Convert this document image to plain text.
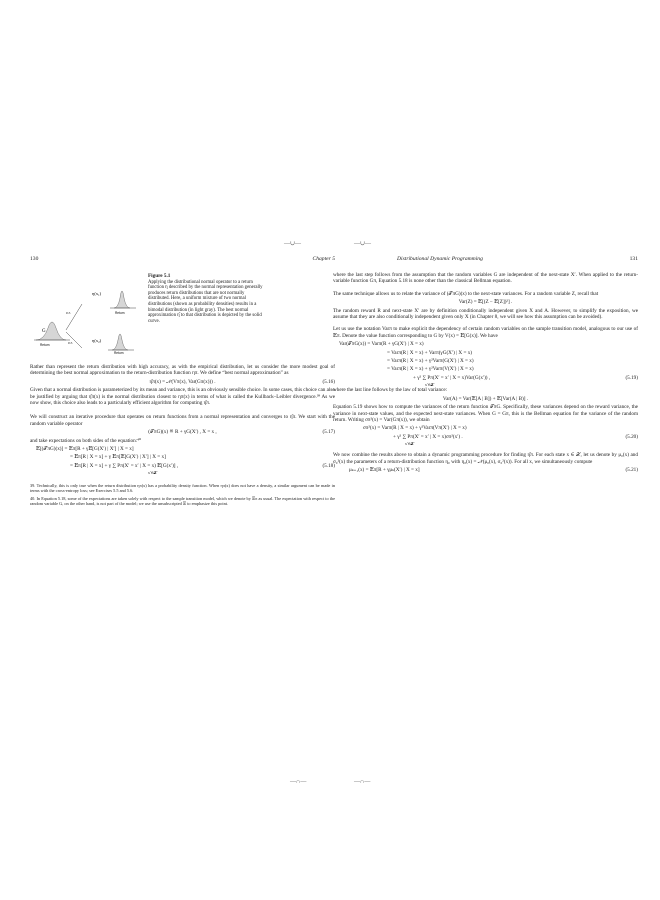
—∪—	—∪—
—∩—	—∩—
130	Chapter 5
G
Return
0.5
0.5
η(x₁)
Return
η(x₂)
Return
Figure 5.1
Applying the distributional normal operator to a return function η described by the normal representation generally produces return distributions that are not normally distributed. Here, a uniform mixture of two normal distributions (shown as probability densities) results in a bimodal distribution (in light gray). The best normal approximation η̂ to that distribution is depicted by the solid curve.

Rather than represent the return distribution with high accuracy, as with the empirical distribution, let us consider the more modest goal of determining the best normal approximation to the return-distribution function ηπ. We define “best normal approximation” as

η̂π(x) = 𝒩(Vπ(x), Var(Gπ(x))) .	(5.16)

Given that a normal distribution is parameterized by its mean and variance, this is an obviously sensible choice. In some cases, this choice can also be justified by arguing that η̂π(x) is the normal distribution closest to ηπ(x) in terms of what is called the Kullback–Leibler divergence.³⁹ As we now show, this choice also leads to a particularly efficient algorithm for computing η̂π.

We will construct an iterative procedure that operates on return functions from a normal representation and converges to η̂π. We start with the random variable operator

(𝒯πG)(x) ≝ R + γG(X′) , X = x ,	(5.17)

and take expectations on both sides of the equation:⁴⁰

𝔼[(𝒯πG)(x)] = 𝔼π[R + γ𝔼[G(X′) | X′] | X = x]
= 𝔼π[R | X = x] + γ 𝔼π[𝔼[G(X′) | X′] | X = x]
= 𝔼π[R | X = x] + γ ∑ Pπ(X′ = x′ | X = x) 𝔼[G(x′)] ,	(5.18)
x′∈𝒳

39. Technically, this is only true when the return distribution ηπ(x) has a probability density function. When ηπ(x) does not have a density, a similar argument can be made in terms with the cross-entropy loss; see Exercises 5.5 and 5.6.

40. In Equation 5.18, some of the expectations are taken solely with respect to the sample transition model, which we denote by 𝔼π as usual. The expectation with respect to the random variable G, on the other hand, is not part of the model; we use the unsubscripted 𝔼 to emphasize this point.

Distributional Dynamic Programming	131

where the last step follows from the assumption that the random variables G are independent of the next-state X′. When applied to the return-variable function Gπ, Equation 5.18 is none other than the classical Bellman equation.

The same technique allows us to relate the variance of (𝒯πG)(x) to the next-state variances. For a random variable Z, recall that

Var(Z) = 𝔼[(Z − 𝔼[Z])²] .

The random reward R and next-state X′ are by definition conditionally independent given X and A. However, to simplify the exposition, we assume that they are also conditionally independent given only X (in Chapter 8, we will see how this assumption can be avoided).

Let us use the notation Varπ to make explicit the dependency of certain random variables on the sample transition model, analogous to our use of 𝔼π. Denote the value function corresponding to G by V(x) = 𝔼[G(x)]. We have

Var(𝒯πG(x)) = Varπ(R + γG(X′) | X = x)
= Varπ(R | X = x) + Varπ(γG(X′) | X = x)
= Varπ(R | X = x) + γ²Varπ(G(X′) | X = x)
= Varπ(R | X = x) + γ²Varπ(V(X′) | X = x)
+ γ² ∑ Pπ(X′ = x′ | X = x)Var(G(x′)) ,	(5.19)
x′∈𝒳

where the last line follows by the law of total variance:

Var(A) = Var(𝔼[A | B]) + 𝔼[Var(A | B)] .

Equation 5.19 shows how to compute the variances of the return function 𝒯πG. Specifically, these variances depend on the reward variance, the variance in next-state values, and the expected next-state variances. When G = Gπ, this is the Bellman equation for the variance of the random return. Writing σπ²(x) = Var(Gπ(x)), we obtain

σπ²(x) = Varπ(R | X = x) + γ²Varπ(Vπ(X′) | X = x)
+ γ² ∑ Pπ(X′ = x′ | X = x)σπ²(x′) .	(5.20)
x′∈𝒳

We now combine the results above to obtain a dynamic programming procedure for finding η̂π. For each state x ∈ 𝒳, let us denote by μ₀(x) and σ₀²(x) the parameters of a return-distribution function η₀ with η₀(x) = 𝒩(μ₀(x), σ₀²(x)). For all x, we simultaneously compute

μₖ₊₁(x) = 𝔼π[R + γμₖ(X′) | X = x]	(5.21)
